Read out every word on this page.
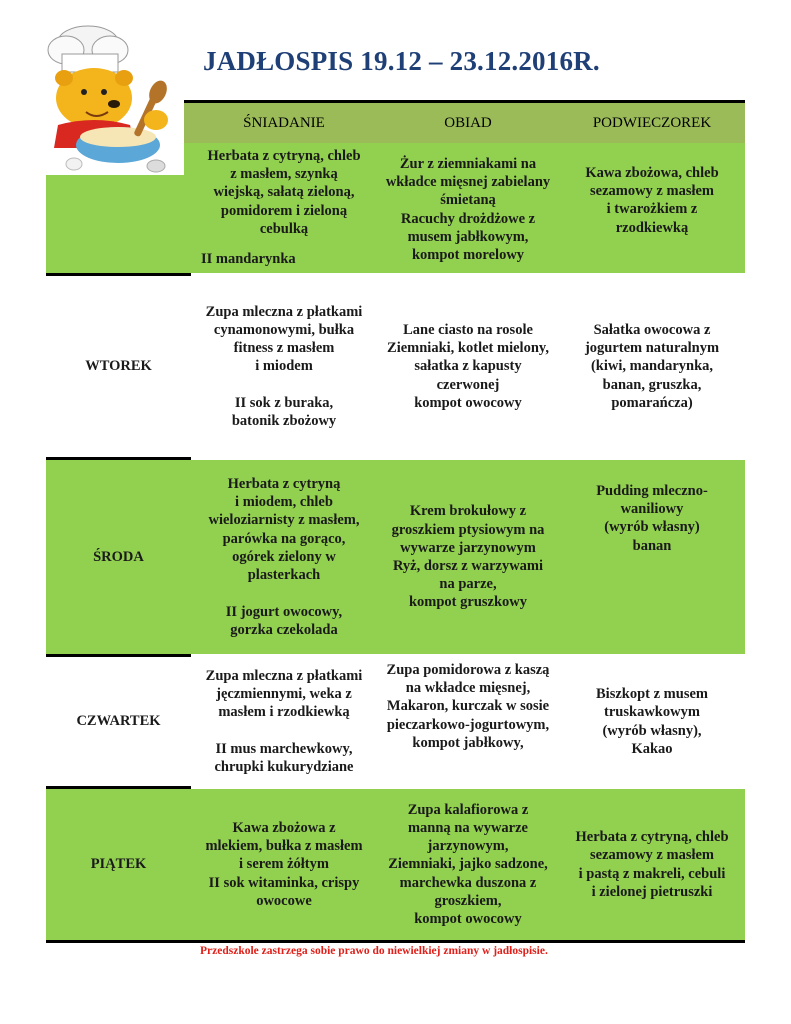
JADŁOSPIS 19.12 – 23.12.2016R.
ŚNIADANIE	OBIAD	PODWIECZOREK
Herbata z cytryną, chleb
z masłem, szynką
wiejską, sałatą zieloną,
pomidorem i zieloną
cebulką
II mandarynka
Żur z ziemniakami na
wkładce mięsnej zabielany
śmietaną
Racuchy drożdżowe z
musem jabłkowym,
kompot morelowy
Kawa zbożowa, chleb
sezamowy z masłem
i twarożkiem z
rzodkiewką
WTOREK
Zupa mleczna z płatkami
cynamonowymi, bułka
fitness z masłem
i miodem

II sok z buraka,
batonik zbożowy
Lane ciasto na rosole
Ziemniaki, kotlet mielony,
sałatka z kapusty
czerwonej
kompot owocowy
Sałatka owocowa z
jogurtem naturalnym
(kiwi, mandarynka,
banan, gruszka,
pomarańcza)
ŚRODA
Herbata z cytryną
i miodem, chleb
wieloziarnisty z masłem,
parówka na gorąco,
ogórek zielony w
plasterkach

II jogurt owocowy,
gorzka czekolada
Krem brokułowy z
groszkiem ptysiowym na
wywarze jarzynowym
Ryż, dorsz z warzywami
na parze,
kompot gruszkowy
Pudding mleczno-
waniliowy
(wyrób własny)
banan
CZWARTEK
Zupa mleczna z płatkami
jęczmiennymi, weka z
masłem i rzodkiewką

II mus marchewkowy,
chrupki kukurydziane
Zupa pomidorowa z kaszą
na wkładce mięsnej,
Makaron, kurczak w sosie
pieczarkowo-jogurtowym,
kompot jabłkowy,
Biszkopt z musem
truskawkowym
(wyrób własny),
Kakao
PIĄTEK
Kawa zbożowa z
mlekiem, bułka z masłem
i serem żółtym
II sok witaminka, crispy
owocowe
Zupa kalafiorowa z
manną na wywarze
jarzynowym,
Ziemniaki, jajko sadzone,
marchewka duszona z
groszkiem,
kompot owocowy
Herbata z cytryną, chleb
sezamowy z masłem
i pastą z makreli, cebuli
i zielonej pietruszki
Przedszkole zastrzega sobie prawo do niewielkiej zmiany w jadłospisie.
